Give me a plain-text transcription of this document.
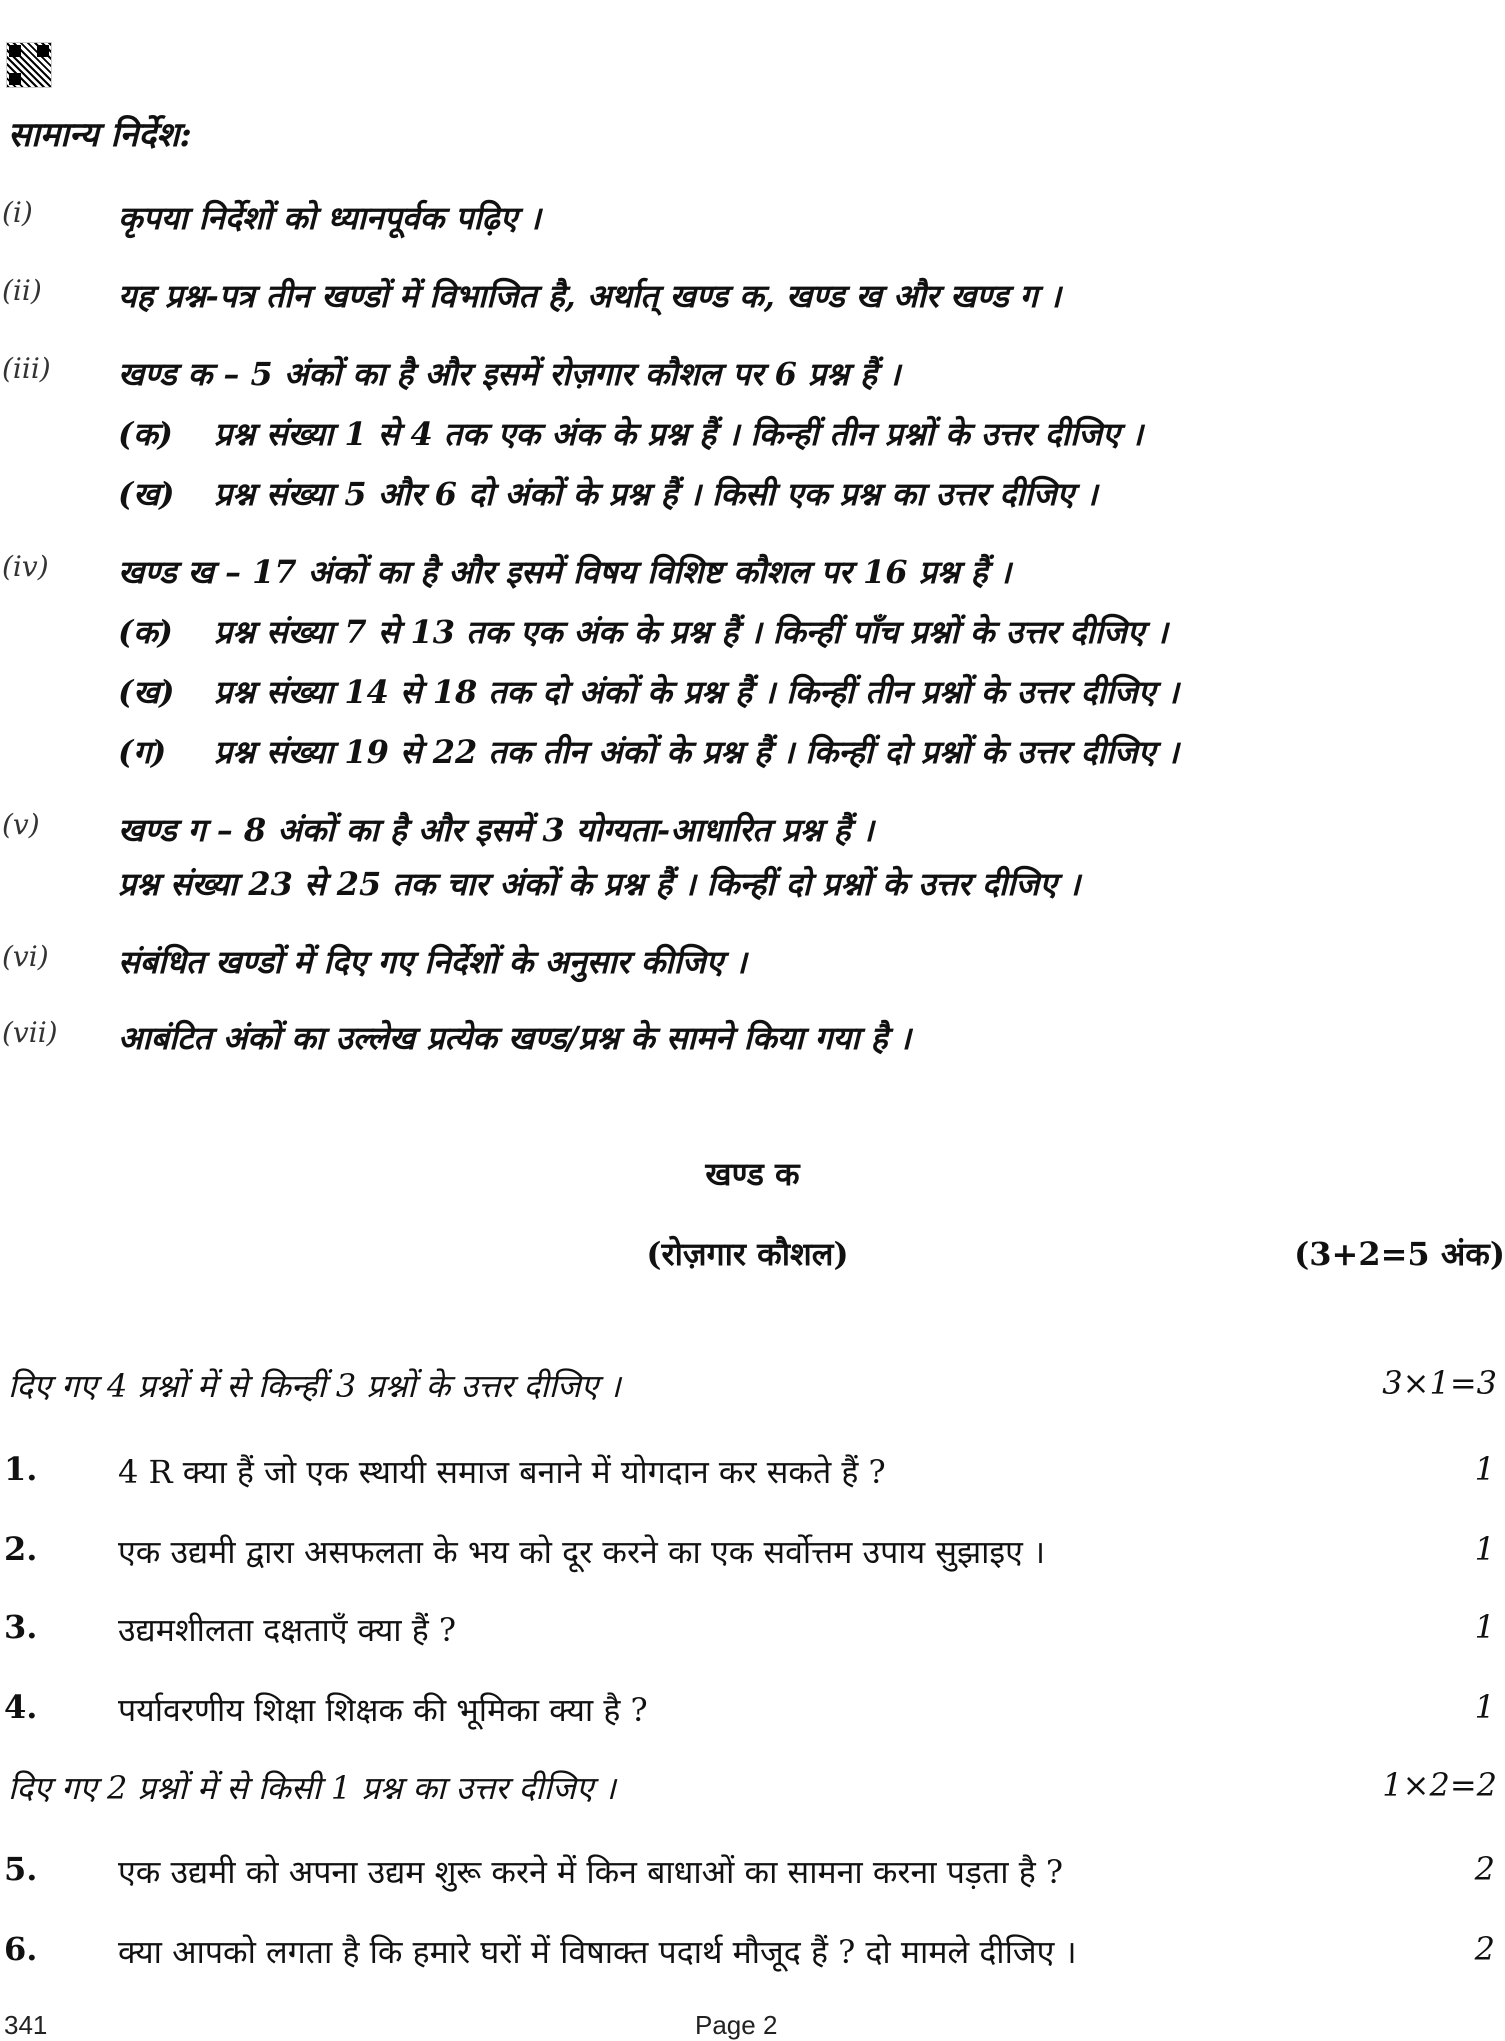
सामान्य निर्देश:
(i)	कृपया निर्देशों को ध्यानपूर्वक पढ़िए ।
(ii) यह प्रश्न-पत्र तीन खण्डों में विभाजित है, अर्थात् खण्ड क, खण्ड ख और खण्ड ग ।
(iii) खण्ड क – 5 अंकों का है और इसमें रोज़गार कौशल पर 6 प्रश्न हैं ।
(क) प्रश्न संख्या 1 से 4 तक एक अंक के प्रश्न हैं । किन्हीं तीन प्रश्नों के उत्तर दीजिए ।
(ख) प्रश्न संख्या 5 और 6 दो अंकों के प्रश्न हैं । किसी एक प्रश्न का उत्तर दीजिए ।
(iv) खण्ड ख – 17 अंकों का है और इसमें विषय विशिष्ट कौशल पर 16 प्रश्न हैं ।
(क) प्रश्न संख्या 7 से 13 तक एक अंक के प्रश्न हैं । किन्हीं पाँच प्रश्नों के उत्तर दीजिए ।
(ख) प्रश्न संख्या 14 से 18 तक दो अंकों के प्रश्न हैं । किन्हीं तीन प्रश्नों के उत्तर दीजिए ।
(ग) प्रश्न संख्या 19 से 22 तक तीन अंकों के प्रश्न हैं । किन्हीं दो प्रश्नों के उत्तर दीजिए ।
(v) खण्ड ग – 8 अंकों का है और इसमें 3 योग्यता-आधारित प्रश्न हैं ।
प्रश्न संख्या 23 से 25 तक चार अंकों के प्रश्न हैं । किन्हीं दो प्रश्नों के उत्तर दीजिए ।
(vi) संबंधित खण्डों में दिए गए निर्देशों के अनुसार कीजिए ।
(vii) आबंटित अंकों का उल्लेख प्रत्येक खण्ड/प्रश्न के सामने किया गया है ।
खण्ड क
(रोज़गार कौशल)	(3+2=5 अंक)
दिए गए 4 प्रश्नों में से किन्हीं 3 प्रश्नों के उत्तर दीजिए ।	3×1=3
1.	4 R क्या हैं जो एक स्थायी समाज बनाने में योगदान कर सकते हैं ?	1
2.	एक उद्यमी द्वारा असफलता के भय को दूर करने का एक सर्वोत्तम उपाय सुझाइए ।	1
3.	उद्यमशीलता दक्षताएँ क्या हैं ?	1
4.	पर्यावरणीय शिक्षा शिक्षक की भूमिका क्या है ?	1
दिए गए 2 प्रश्नों में से किसी 1 प्रश्न का उत्तर दीजिए ।	1×2=2
5.	एक उद्यमी को अपना उद्यम शुरू करने में किन बाधाओं का सामना करना पड़ता है ?	2
6.	क्या आपको लगता है कि हमारे घरों में विषाक्त पदार्थ मौजूद हैं ? दो मामले दीजिए ।	2
341	Page 2
